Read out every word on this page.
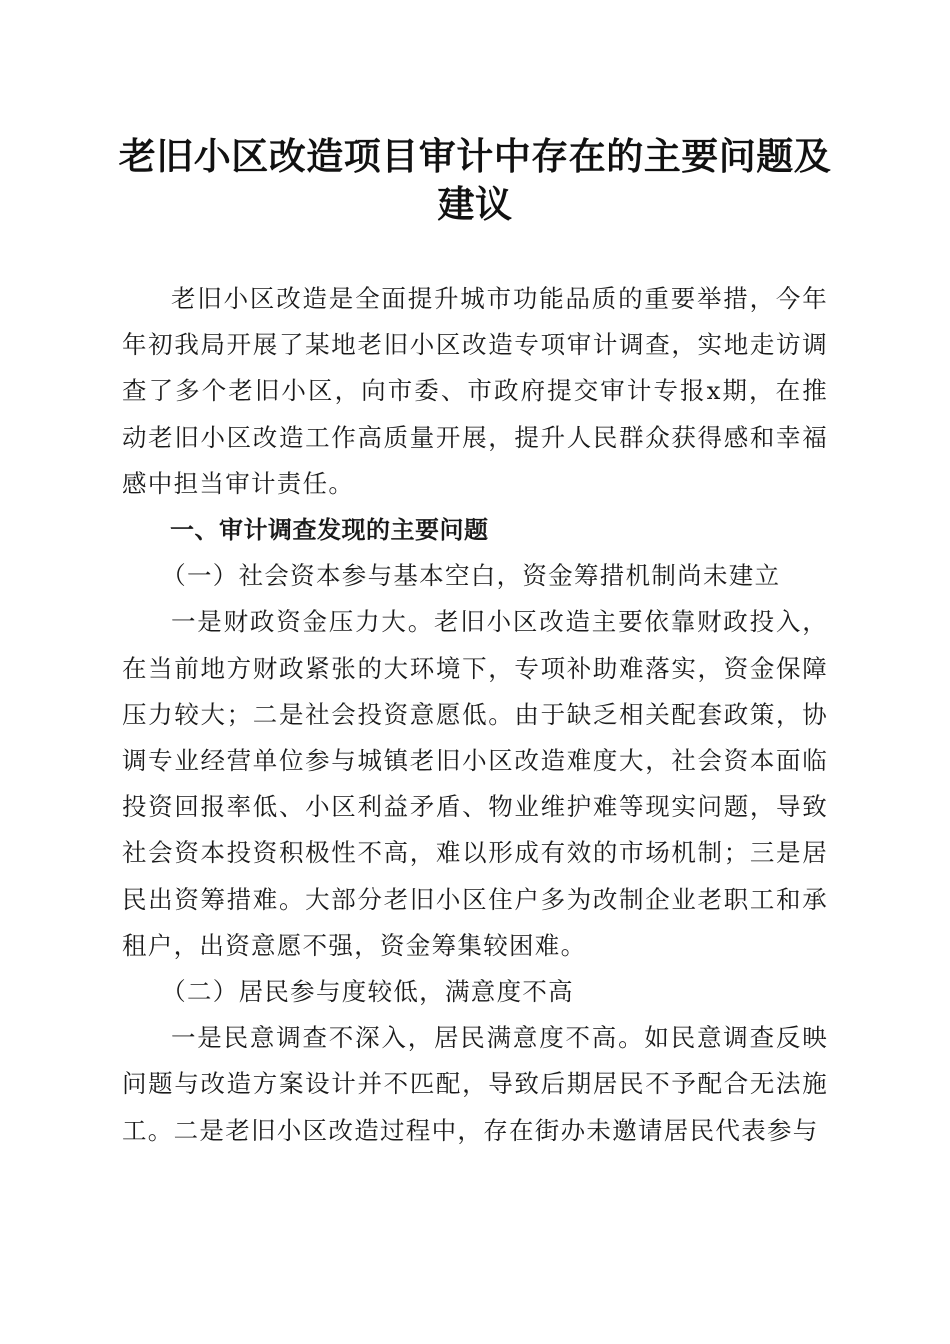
老旧小区改造项目审计中存在的主要问题及建议

老旧小区改造是全面提升城市功能品质的重要举措，今年年初我局开展了某地老旧小区改造专项审计调查，实地走访调查了多个老旧小区，向市委、市政府提交审计专报x期，在推动老旧小区改造工作高质量开展，提升人民群众获得感和幸福感中担当审计责任。

一、审计调查发现的主要问题

（一）社会资本参与基本空白，资金筹措机制尚未建立

一是财政资金压力大。老旧小区改造主要依靠财政投入，在当前地方财政紧张的大环境下，专项补助难落实，资金保障压力较大；二是社会投资意愿低。由于缺乏相关配套政策，协调专业经营单位参与城镇老旧小区改造难度大，社会资本面临投资回报率低、小区利益矛盾、物业维护难等现实问题，导致社会资本投资积极性不高，难以形成有效的市场机制；三是居民出资筹措难。大部分老旧小区住户多为改制企业老职工和承租户，出资意愿不强，资金筹集较困难。

（二）居民参与度较低，满意度不高

一是民意调查不深入，居民满意度不高。如民意调查反映问题与改造方案设计并不匹配，导致后期居民不予配合无法施工。二是老旧小区改造过程中，存在街办未邀请居民代表参与
